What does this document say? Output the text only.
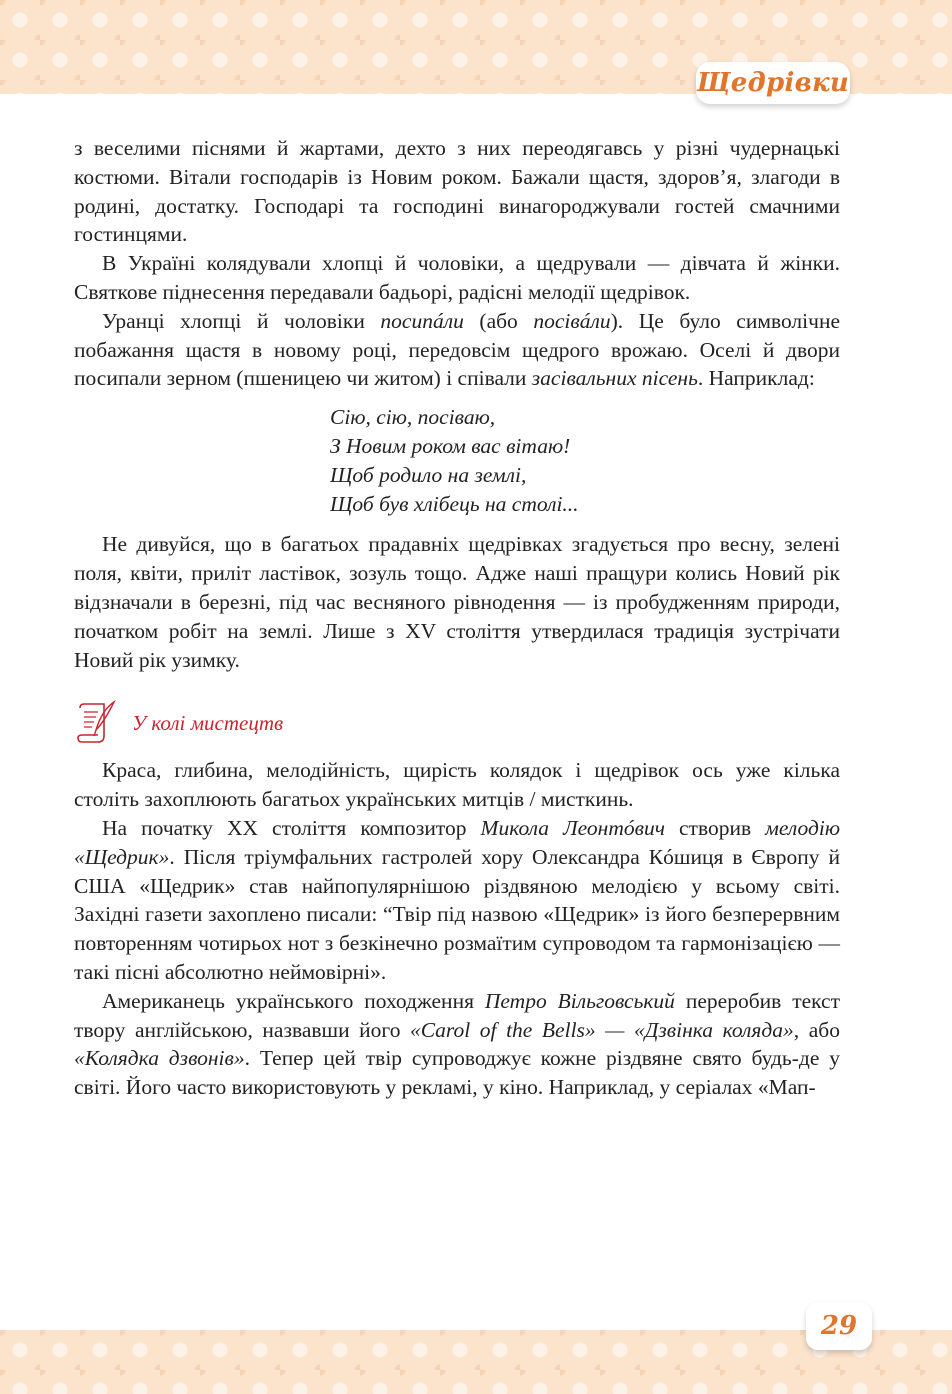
Щедрівки

з веселими піснями й жартами, дехто з них переодягавсь у різні чудернацькі костюми. Вітали господарів із Новим роком. Бажали щастя, здоров’я, злагоди в родині, достатку. Господарі та господині винагороджували гостей смачними гостинцями.

В Україні колядували хлопці й чоловіки, а щедрували — дівчата й жінки. Святкове піднесення передавали бадьорі, радісні мелодії щедрівок.

Уранці хлопці й чоловіки посипáли (або посівáли). Це було символічне побажання щастя в новому році, передовсім щедрого врожаю. Оселі й двори посипали зерном (пшеницею чи житом) і співали засівальних пісень. Наприклад:

Сію, сію, посіваю,
З Новим роком вас вітаю!
Щоб родило на землі,
Щоб був хлібець на столі...

Не дивуйся, що в багатьох прадавніх щедрівках згадується про весну, зелені поля, квіти, приліт ластівок, зозуль тощо. Адже наші пращури колись Новий рік відзначали в березні, під час весняного рівнодення — із пробудженням природи, початком робіт на землі. Лише з XV століття утвердилася традиція зустрічати Новий рік узимку.

У колі мистецтв

Краса, глибина, мелодійність, щирість колядок і щедрівок ось уже кілька століть захоплюють багатьох українських митців / мисткинь.

На початку XX століття композитор Микола Леонтóвич створив мелодію «Щедрик». Після тріумфальних гастролей хору Олександра Кóшиця в Європу й США «Щедрик» став найпопулярнішою різдвяною мелодією у всьому світі. Західні газети захоплено писали: “Твір під назвою «Щедрик» із його безперервним повторенням чотирьох нот з безкінечно розмаїтим супроводом та гармонізацією — такі пісні абсолютно неймовірні».

Американець українського походження Петро Вільговський переробив текст твору англійською, назвавши його «Carol of the Bells» — «Дзвінка коляда», або «Колядка дзвонів». Тепер цей твір супроводжує кожне різдвяне свято будь-де у світі. Його часто використовують у рекламі, у кіно. Наприклад, у серіалах «Мап-

29
